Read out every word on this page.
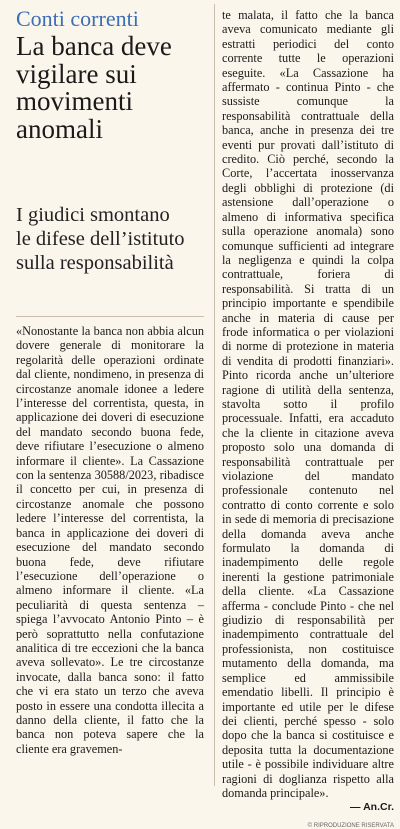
Conti correnti

La banca deve vigilare sui movimenti anomali
I giudici smontano le difese dell’istituto sulla responsabilità

«Nonostante la banca non abbia alcun dovere generale di monitorare la regolarità delle operazioni ordinate dal cliente, nondimeno, in presenza di circostanze anomale idonee a ledere l’interesse del correntista, questa, in applicazione dei doveri di esecuzione del mandato secondo buona fede, deve rifiutare l’esecuzione o almeno informare il cliente». La Cassazione con la sentenza 30588/2023, ribadisce il concetto per cui, in presenza di circostanze anomale che possono ledere l’interesse del correntista, la banca in applicazione dei doveri di esecuzione del mandato secondo buona fede, deve rifiutare l’esecuzione dell’operazione o almeno informare il cliente. «La peculiarità di questa sentenza – spiega l’avvocato Antonio Pinto – è però soprattutto nella confutazione analitica di tre eccezioni che la banca aveva sollevato». Le tre circostanze invocate, dalla banca sono: il fatto che vi era stato un terzo che aveva posto in essere una condotta illecita a danno della cliente, il fatto che la banca non poteva sapere che la cliente era gravemen-

te malata, il fatto che la banca aveva comunicato mediante gli estratti periodici del conto corrente tutte le operazioni eseguite. «La Cassazione ha affermato - continua Pinto - che sussiste comunque la responsabilità contrattuale della banca, anche in presenza dei tre eventi pur provati dall’istituto di credito. Ciò perché, secondo la Corte, l’accertata inosservanza degli obblighi di protezione (di astensione dall’operazione o almeno di informativa specifica sulla operazione anomala) sono comunque sufficienti ad integrare la negligenza e quindi la colpa contrattuale, foriera di responsabilità. Si tratta di un principio importante e spendibile anche in materia di cause per frode informatica o per violazioni di norme di protezione in materia di vendita di prodotti finanziari». Pinto ricorda anche un’ulteriore ragione di utilità della sentenza, stavolta sotto il profilo processuale. Infatti, era accaduto che la cliente in citazione aveva proposto solo una domanda di responsabilità contrattuale per violazione del mandato professionale contenuto nel contratto di conto corrente e solo in sede di memoria di precisazione della domanda aveva anche formulato la domanda di inadempimento delle regole inerenti la gestione patrimoniale della cliente. «La Cassazione afferma - conclude Pinto - che nel giudizio di responsabilità per inadempimento contrattuale del professionista, non costituisce mutamento della domanda, ma semplice ed ammissibile emendatio libelli. Il principio è importante ed utile per le difese dei clienti, perché spesso - solo dopo che la banca si costituisce e deposita tutta la documentazione utile - è possibile individuare altre ragioni di doglianza rispetto alla domanda principale».

— An.Cr.
© RIPRODUZIONE RISERVATA
